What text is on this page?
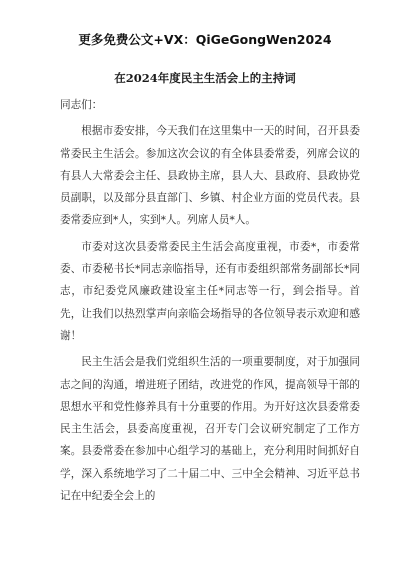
更多免费公文+VX：QiGeGongWen2024
在2024年度民主生活会上的主持词

同志们：

根据市委安排，今天我们在这里集中一天的时间，召开县委常委民主生活会。参加这次会议的有全体县委常委，列席会议的有县人大常委会主任、县政协主席，县人大、县政府、县政协党员副职，以及部分县直部门、乡镇、村企业方面的党员代表。县委常委应到*人，实到*人。列席人员*人。

市委对这次县委常委民主生活会高度重视，市委*，市委常委、市委秘书长*同志亲临指导，还有市委组织部常务副部长*同志，市纪委党风廉政建设室主任*同志等一行，到会指导。首先，让我们以热烈掌声向亲临会场指导的各位领导表示欢迎和感谢！

民主生活会是我们党组织生活的一项重要制度，对于加强同志之间的沟通，增进班子团结，改进党的作风，提高领导干部的思想水平和党性修养具有十分重要的作用。为开好这次县委常委民主生活会，县委高度重视，召开专门会议研究制定了工作方案。县委常委在参加中心组学习的基础上，充分利用时间抓好自学，深入系统地学习了二十届二中、三中全会精神、习近平总书记在中纪委全会上的
